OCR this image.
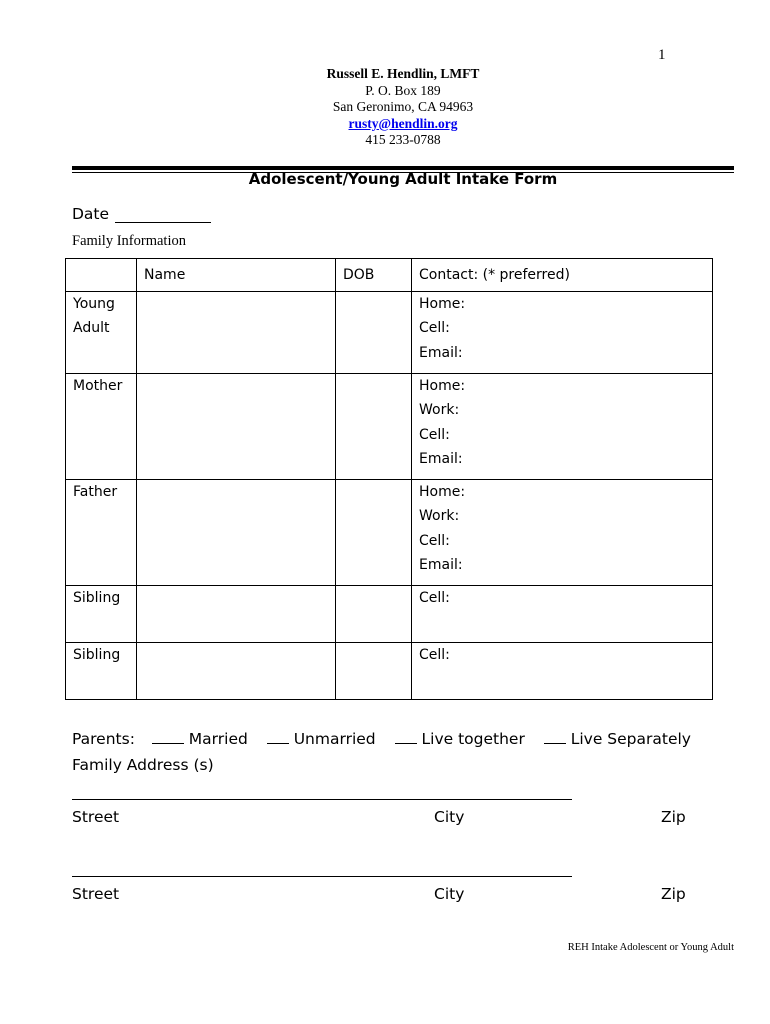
1
Russell E. Hendlin, LMFT
P. O. Box 189
San Geronimo, CA 94963
rusty@hendlin.org
415 233-0788
Adolescent/Young Adult Intake Form
Date
Family Information
	Name	DOB	Contact: (* preferred)

Young
Adult			Home:
Cell:
Email:

Mother			Home:
Work:
Cell:
Email:

Father			Home:
Work:
Cell:
Email:

Sibling			Cell:

Sibling			Cell:
Parents:	Married	Unmarried	Live together	Live Separately
Family Address (s)
Street	City	Zip
Street	City	Zip
REH Intake Adolescent or Young Adult
